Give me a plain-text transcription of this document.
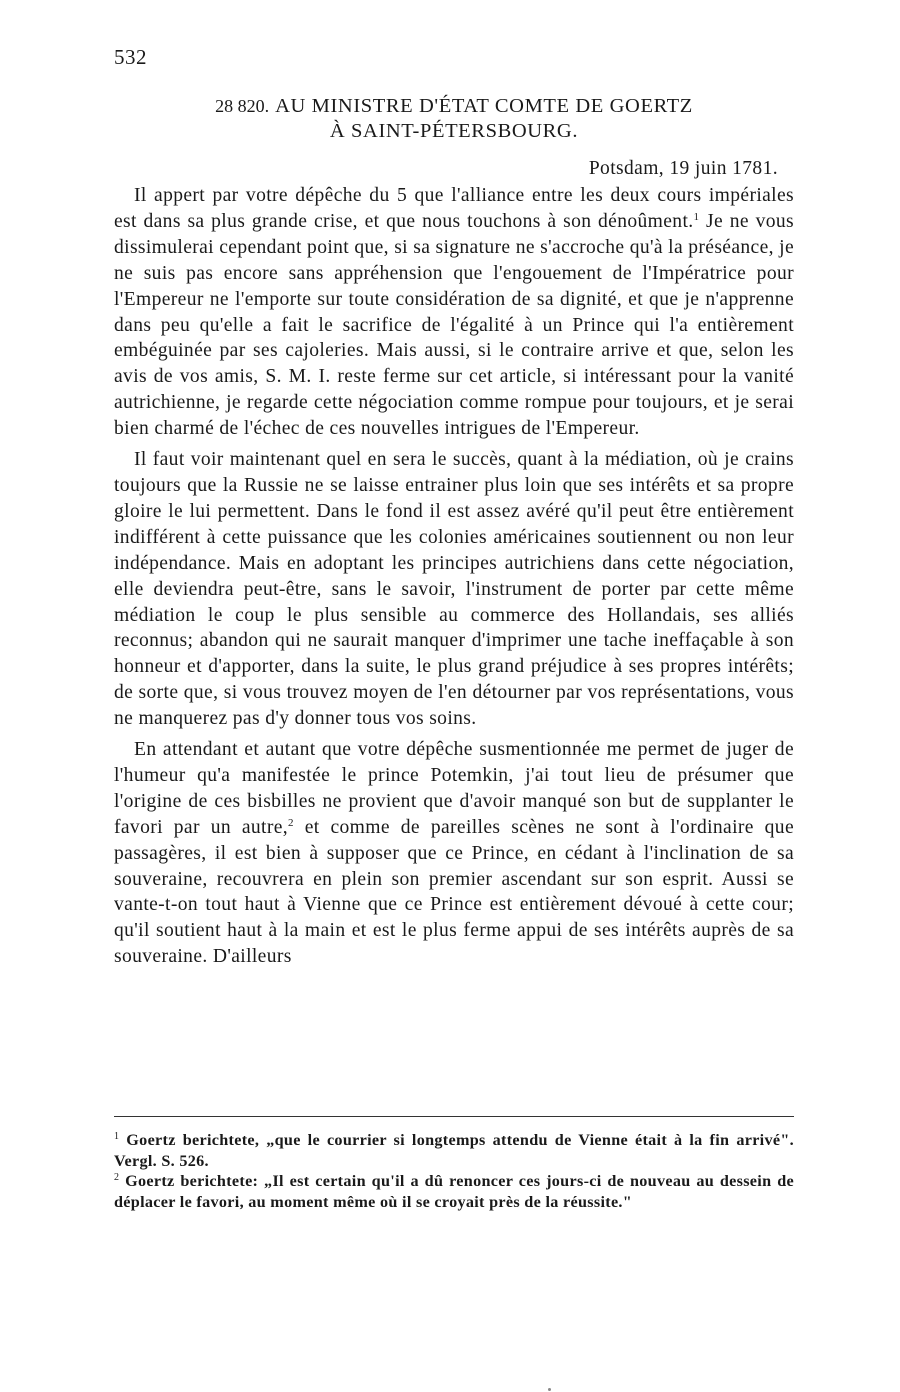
532
28 820. AU MINISTRE D'ÉTAT COMTE DE GOERTZ
À SAINT-PÉTERSBOURG.
Potsdam, 19 juin 1781.

Il appert par votre dépêche du 5 que l'alliance entre les deux cours impériales est dans sa plus grande crise, et que nous touchons à son dénoûment.$^1$ Je ne vous dissimulerai cependant point que, si sa signature ne s'accroche qu'à la préséance, je ne suis pas encore sans appréhension que l'engouement de l'Impératrice pour l'Empereur ne l'emporte sur toute considération de sa dignité, et que je n'apprenne dans peu qu'elle a fait le sacrifice de l'égalité à un Prince qui l'a entièrement embéguinée par ses cajoleries. Mais aussi, si le contraire arrive et que, selon les avis de vos amis, S. M. I. reste ferme sur cet article, si intéressant pour la vanité autrichienne, je regarde cette négociation comme rompue pour toujours, et je serai bien charmé de l'échec de ces nouvelles intrigues de l'Empereur.

Il faut voir maintenant quel en sera le succès, quant à la médiation, où je crains toujours que la Russie ne se laisse entrainer plus loin que ses intérêts et sa propre gloire le lui permettent. Dans le fond il est assez avéré qu'il peut être entièrement indifférent à cette puissance que les colonies américaines soutiennent ou non leur indépendance. Mais en adoptant les principes autrichiens dans cette négociation, elle deviendra peut-être, sans le savoir, l'instrument de porter par cette même médiation le coup le plus sensible au commerce des Hollandais, ses alliés reconnus; abandon qui ne saurait manquer d'imprimer une tache ineffaçable à son honneur et d'apporter, dans la suite, le plus grand préjudice à ses propres intérêts; de sorte que, si vous trouvez moyen de l'en détourner par vos représentations, vous ne manquerez pas d'y donner tous vos soins.

En attendant et autant que votre dépêche susmentionnée me permet de juger de l'humeur qu'a manifestée le prince Potemkin, j'ai tout lieu de présumer que l'origine de ces bisbilles ne provient que d'avoir manqué son but de supplanter le favori par un autre,$^2$ et comme de pareilles scènes ne sont à l'ordinaire que passagères, il est bien à supposer que ce Prince, en cédant à l'inclination de sa souveraine, recouvrera en plein son premier ascendant sur son esprit. Aussi se vante-t-on tout haut à Vienne que ce Prince est entièrement dévoué à cette cour; qu'il soutient haut à la main et est le plus ferme appui de ses intérêts auprès de sa souveraine. D'ailleurs

$^1$ Goertz berichtete, „que le courrier si longtemps attendu de Vienne était à la fin arrivé". Vergl. S. 526.

$^2$ Goertz berichtete: „Il est certain qu'il a dû renoncer ces jours-ci de nouveau au dessein de déplacer le favori, au moment même où il se croyait près de la réussite."
